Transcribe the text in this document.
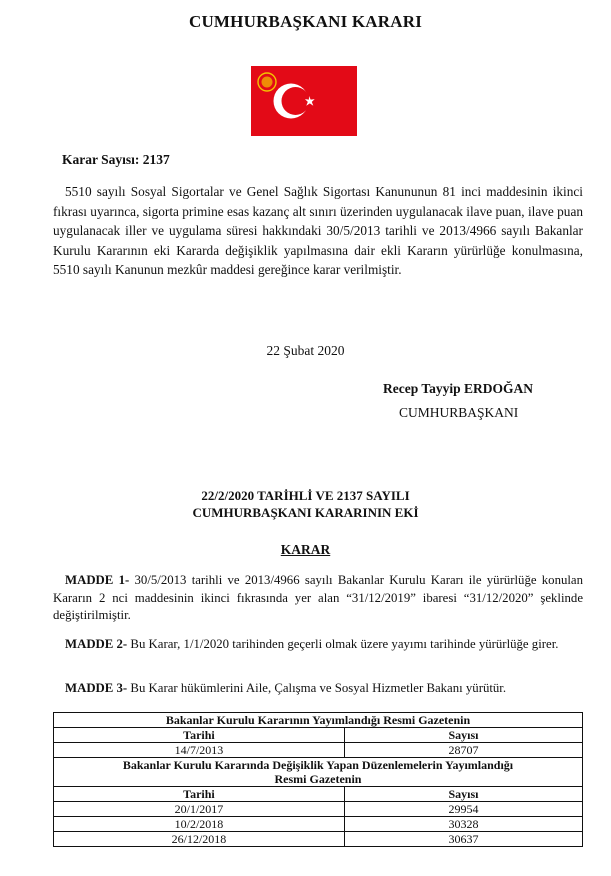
CUMHURBAŞKANI KARARI
Karar Sayısı: 2137

5510 sayılı Sosyal Sigortalar ve Genel Sağlık Sigortası Kanununun 81 inci maddesinin ikinci fıkrası uyarınca, sigorta primine esas kazanç alt sınırı üzerinden uygulanacak ilave puan, ilave puan uygulanacak iller ve uygulama süresi hakkındaki 30/5/2013 tarihli ve 2013/4966 sayılı Bakanlar Kurulu Kararının eki Kararda değişiklik yapılmasına dair ekli Kararın yürürlüğe konulmasına, 5510 sayılı Kanunun mezkûr maddesi gereğince karar verilmiştir.

22 Şubat 2020
Recep Tayyip ERDOĞAN
CUMHURBAŞKANI
22/2/2020 TARİHLİ VE 2137 SAYILI
CUMHURBAŞKANI KARARININ EKİ
KARAR

MADDE 1- 30/5/2013 tarihli ve 2013/4966 sayılı Bakanlar Kurulu Kararı ile yürürlüğe konulan Kararın 2 nci maddesinin ikinci fıkrasında yer alan “31/12/2019” ibaresi “31/12/2020” şeklinde değiştirilmiştir.

MADDE 2- Bu Karar, 1/1/2020 tarihinden geçerli olmak üzere yayımı tarihinde yürürlüğe girer.

MADDE 3- Bu Karar hükümlerini Aile, Çalışma ve Sosyal Hizmetler Bakanı yürütür.

Bakanlar Kurulu Kararının Yayımlandığı Resmi Gazetenin	
Tarihi	Sayısı
14/7/2013	28707

Bakanlar Kurulu Kararında Değişiklik Yapan Düzenlemelerin Yayımlandığı
Resmi Gazetenin	

Tarihi	Sayısı
20/1/2017	29954
10/2/2018	30328
26/12/2018	30637
